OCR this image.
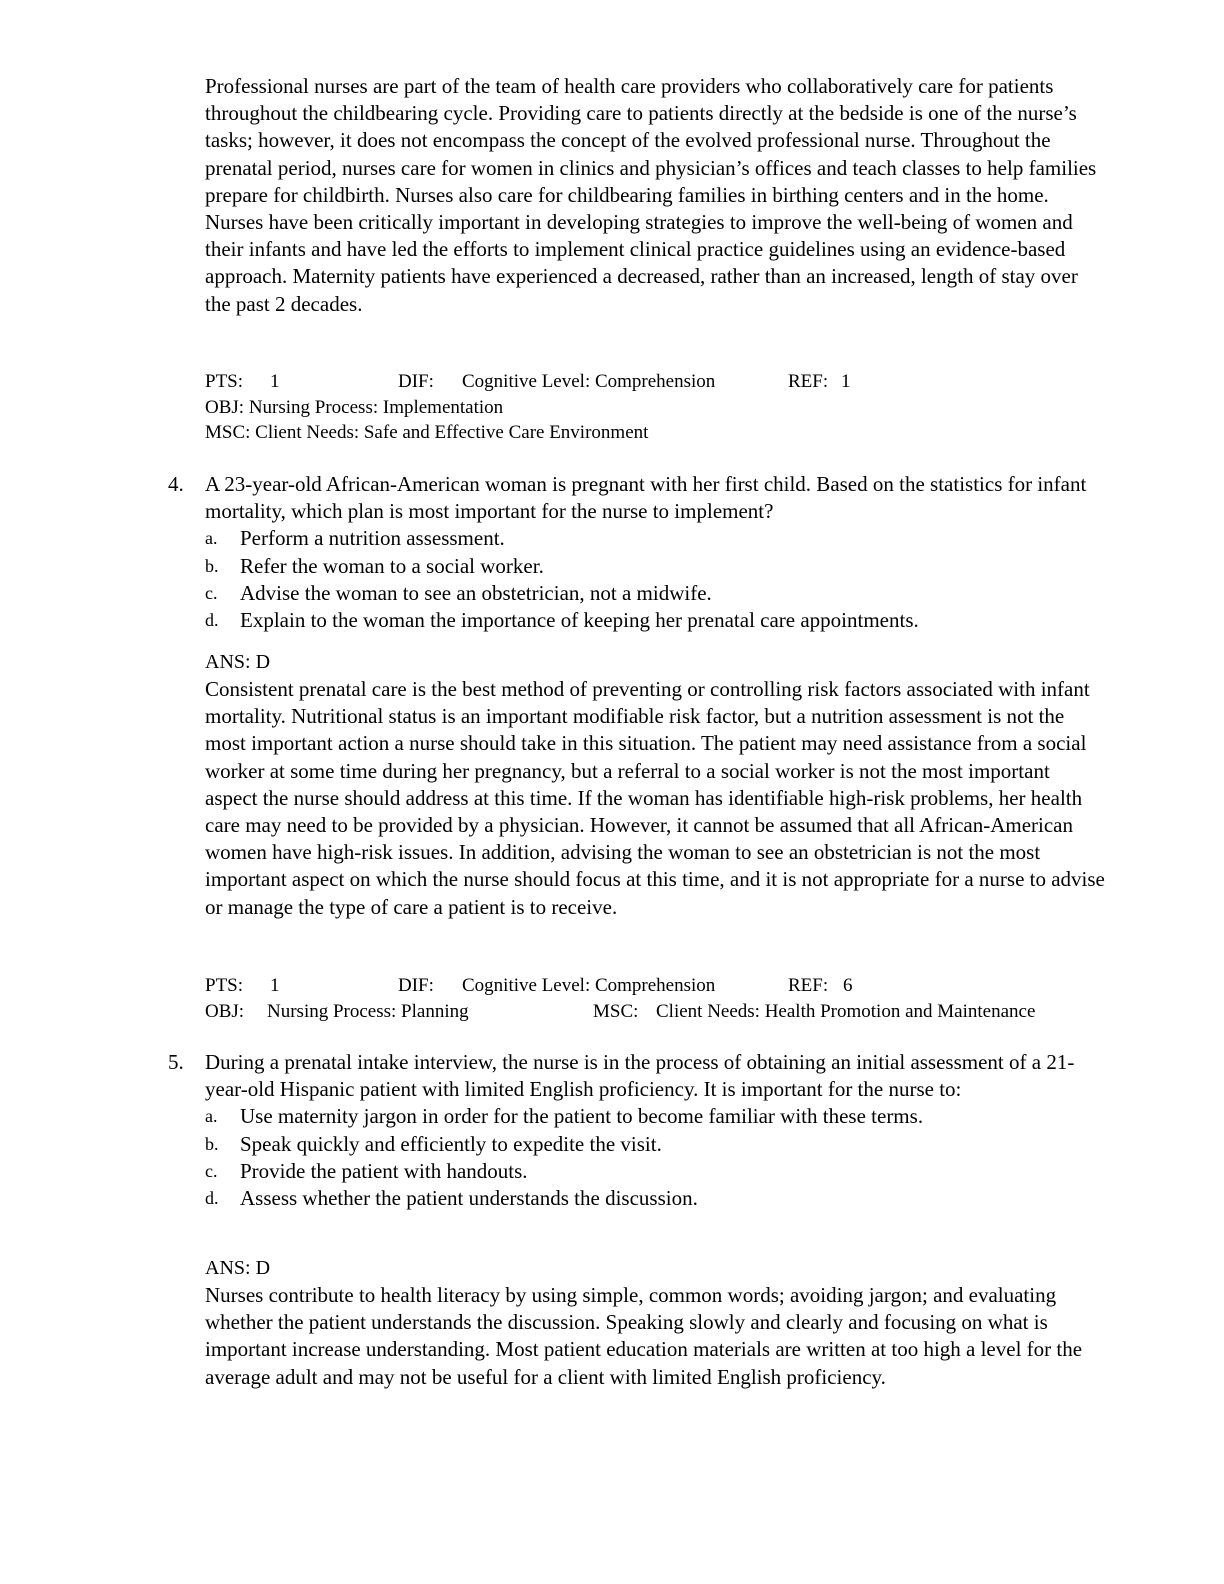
Professional nurses are part of the team of health care providers who collaboratively care for patients throughout the childbearing cycle. Providing care to patients directly at the bedside is one of the nurse’s tasks; however, it does not encompass the concept of the evolved professional nurse. Throughout the prenatal period, nurses care for women in clinics and physician’s offices and teach classes to help families prepare for childbirth. Nurses also care for childbearing families in birthing centers and in the home. Nurses have been critically important in developing strategies to improve the well-being of women and their infants and have led the efforts to implement clinical practice guidelines using an evidence-based approach. Maternity patients have experienced a decreased, rather than an increased, length of stay over the past 2 decades.

PTS: 1	DIF: Cognitive Level: Comprehension	REF: 1
OBJ: Nursing Process: Implementation
MSC: Client Needs: Safe and Effective Care Environment
4. A 23-year-old African-American woman is pregnant with her first child. Based on the statistics for infant mortality, which plan is most important for the nurse to implement?
a. Perform a nutrition assessment.
b. Refer the woman to a social worker.
c. Advise the woman to see an obstetrician, not a midwife.
d. Explain to the woman the importance of keeping her prenatal care appointments.
ANS: D

Consistent prenatal care is the best method of preventing or controlling risk factors associated with infant mortality. Nutritional status is an important modifiable risk factor, but a nutrition assessment is not the most important action a nurse should take in this situation. The patient may need assistance from a social worker at some time during her pregnancy, but a referral to a social worker is not the most important aspect the nurse should address at this time. If the woman has identifiable high-risk problems, her health care may need to be provided by a physician. However, it cannot be assumed that all African-American women have high-risk issues. In addition, advising the woman to see an obstetrician is not the most important aspect on which the nurse should focus at this time, and it is not appropriate for a nurse to advise or manage the type of care a patient is to receive.

PTS: 1	DIF: Cognitive Level: Comprehension	REF: 6
OBJ: Nursing Process: Planning	MSC: Client Needs: Health Promotion and Maintenance
5. During a prenatal intake interview, the nurse is in the process of obtaining an initial assessment of a 21-year-old Hispanic patient with limited English proficiency. It is important for the nurse to:
a. Use maternity jargon in order for the patient to become familiar with these terms.
b. Speak quickly and efficiently to expedite the visit.
c. Provide the patient with handouts.
d. Assess whether the patient understands the discussion.
ANS: D

Nurses contribute to health literacy by using simple, common words; avoiding jargon; and evaluating whether the patient understands the discussion. Speaking slowly and clearly and focusing on what is important increase understanding. Most patient education materials are written at too high a level for the average adult and may not be useful for a client with limited English proficiency.
